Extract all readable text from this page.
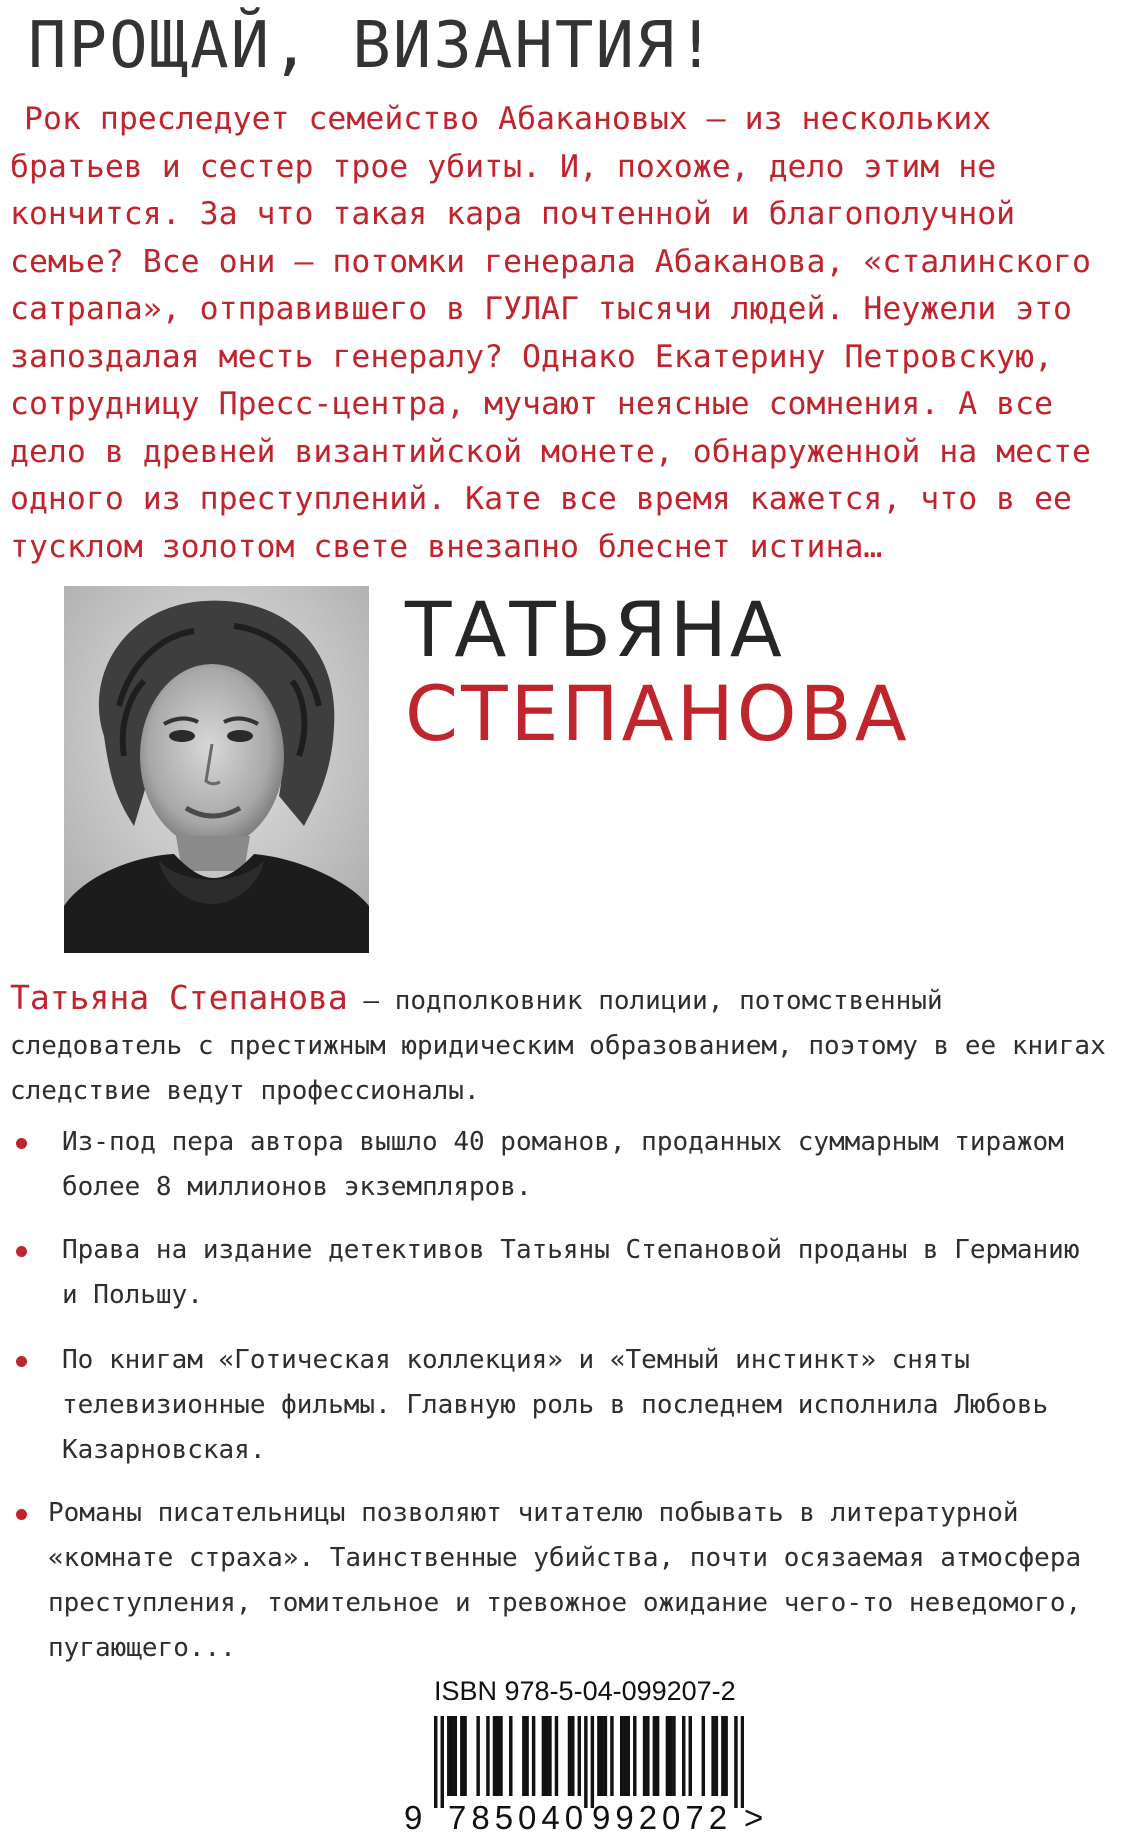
ПРОЩАЙ, ВИЗАНТИЯ!

Рок преследует семейство Абакановых – из нескольких братьев и сестер трое убиты. И, похоже, дело этим не кончится. За что такая кара почтенной и благополучной семье? Все они – потомки генерала Абаканова, «сталинского сатрапа», отправившего в ГУЛАГ тысячи людей. Неужели это запоздалая месть генералу? Однако Екатерину Петровскую, сотрудницу Пресс-центра, мучают неясные сомнения. А все дело в древней византийской монете, обнаруженной на месте одного из преступлений. Кате все время кажется, что в ее тусклом золотом свете внезапно блеснет истина…

ТАТЬЯНА
СТЕПАНОВА

Татьяна Степанова – подполковник полиции, потомственный следователь с престижным юридическим образованием, поэтому в ее книгах следствие ведут профессионалы.

Из-под пера автора вышло 40 романов, проданных суммарным тиражом более 8 миллионов экземпляров.
Права на издание детективов Татьяны Степановой проданы в Германию и Польшу.
По книгам «Готическая коллекция» и «Темный инстинкт» сняты телевизионные фильмы. Главную роль в последнем исполнила Любовь Казарновская.
Романы писательницы позволяют читателю побывать в литературной «комнате страха». Таинственные убийства, почти осязаемая атмосфера преступления, томительное и тревожное ожидание чего-то неведомого, пугающего...
ISBN 978-5-04-099207-2
9 785040 992072 >
